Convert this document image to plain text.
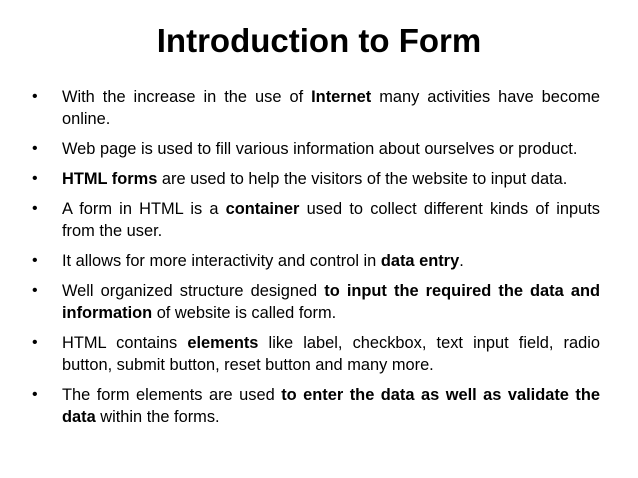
Introduction to Form
•	With the increase in the use of Internet many activities have become online.
•	Web page is used to fill various information about ourselves or product.
•	HTML forms are used to help the visitors of the website to input data.
•	A form in HTML is a container used to collect different kinds of inputs from the user.
•	It allows for more interactivity and control in data entry.
•	Well organized structure designed to input the required the data and information of website is called form.
•	HTML contains elements like label, checkbox, text input field, radio button, submit button, reset button and many more.
•	The form elements are used to enter the data as well as validate the data within the forms.
